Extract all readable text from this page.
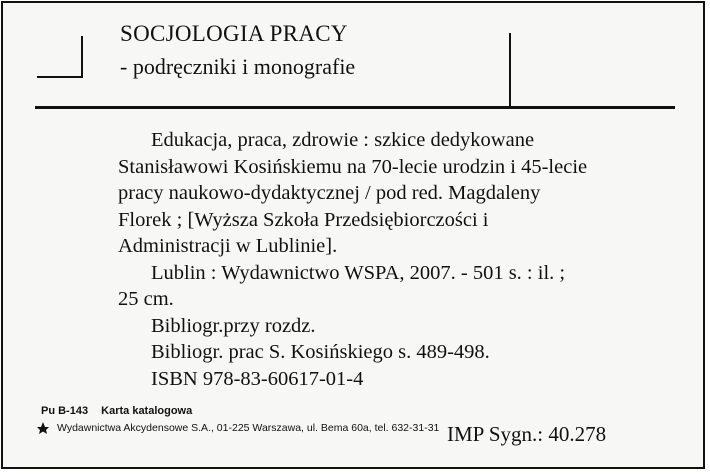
SOCJOLOGIA PRACY
- podręczniki i monografie

Edukacja, praca, zdrowie : szkice dedykowane

Stanisławowi Kosińskiemu na 70-lecie urodzin i 45-lecie

pracy naukowo-dydaktycznej / pod red. Magdaleny

Florek ; [Wyższa Szkoła Przedsiębiorczości i

Administracji w Lublinie].

Lublin : Wydawnictwo WSPA, 2007. - 501 s. : il. ;

25 cm.

Bibliogr.przy rozdz.

Bibliogr. prac S. Kosińskiego s. 489-498.

ISBN 978-83-60617-01-4

Pu B-143 Karta katalogowa
Wydawnictwa Akcydensowe S.A., 01-225 Warszawa, ul. Bema 60a, tel. 632-31-31 IMP Sygn.: 40.278
